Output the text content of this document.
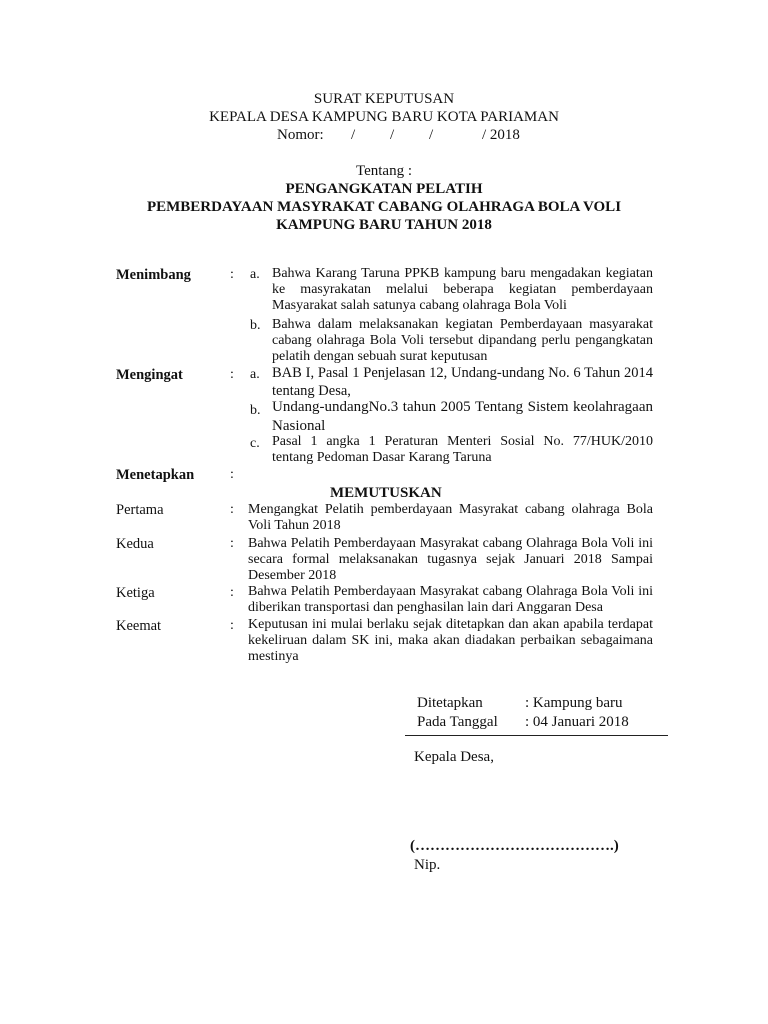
SURAT KEPUTUSAN
KEPALA DESA KAMPUNG BARU KOTA PARIAMAN
Nomor: / / /	/ 2018
Tentang :
PENGANGKATAN PELATIH
PEMBERDAYAAN MASYRAKAT CABANG OLAHRAGA BOLA VOLI
KAMPUNG BARU TAHUN 2018
Menimbang	: a. Bahwa Karang Taruna PPKB kampung baru mengadakan kegiatan ke masyrakatan melalui beberapa kegiatan pemberdayaan Masyarakat salah satunya cabang olahraga Bola Voli
b. Bahwa dalam melaksanakan kegiatan Pemberdayaan masyarakat cabang olahraga Bola Voli tersebut dipandang perlu pengangkatan pelatih dengan sebuah surat keputusan
Mengingat	: a. BAB I, Pasal 1 Penjelasan 12, Undang-undang No. 6 Tahun 2014 tentang Desa,
b. Undang-undangNo.3 tahun 2005 Tentang Sistem keolahragaan Nasional
c. Pasal 1 angka 1 Peraturan Menteri Sosial No. 77/HUK/2010 tentang Pedoman Dasar Karang Taruna
Menetapkan	:
MEMUTUSKAN
Pertama	: Mengangkat Pelatih pemberdayaan Masyrakat cabang olahraga Bola Voli Tahun 2018
Kedua	: Bahwa Pelatih Pemberdayaan Masyrakat cabang Olahraga Bola Voli ini secara formal melaksanakan tugasnya sejak Januari 2018 Sampai Desember 2018
Ketiga	: Bahwa Pelatih Pemberdayaan Masyrakat cabang Olahraga Bola Voli ini diberikan transportasi dan penghasilan lain dari Anggaran Desa
Keemat	: Keputusan ini mulai berlaku sejak ditetapkan dan akan apabila terdapat kekeliruan dalam SK ini, maka akan diadakan perbaikan sebagaimana mestinya
Ditetapkan	: Kampung baru
Pada Tanggal : 04 Januari 2018
Kepala Desa,
(………………………………….)
Nip.
